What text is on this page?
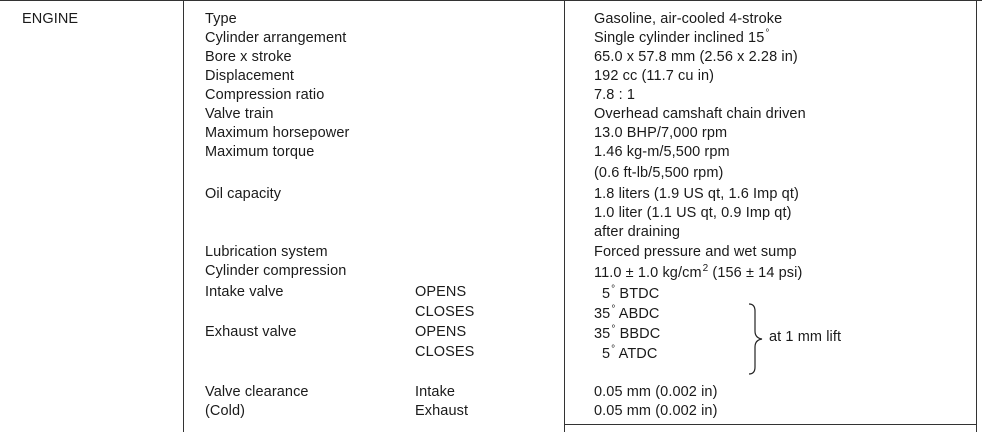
ENGINE	Type
Cylinder arrangement
Bore x stroke
Displacement
Compression ratio
Valve train
Maximum horsepower
Maximum torque
Oil capacity
Lubrication system
Cylinder compression
Gasoline, air-cooled 4-stroke
Single cylinder inclined 15°
65.0 x 57.8 mm (2.56 x 2.28 in)
192 cc (11.7 cu in)
7.8 : 1
Overhead camshaft chain driven
13.0 BHP/7,000 rpm
1.46 kg-m/5,500 rpm
(0.6 ft-lb/5,500 rpm)
1.8 liters (1.9 US qt, 1.6 Imp qt)
1.0 liter (1.1 US qt, 0.9 Imp qt)
after draining
Forced pressure and wet sump
11.0 ± 1.0 $kg/cm^2$ (156 ± 14 psi)
Intake valve
Exhaust valve
OPENS
CLOSES
OPENS
CLOSES
5° BTDC
35° ABDC
35° BBDC
5° ATDC
at 1 mm lift
Valve clearance
(Cold)
Intake
Exhaust
0.05 mm (0.002 in)
0.05 mm (0.002 in)
